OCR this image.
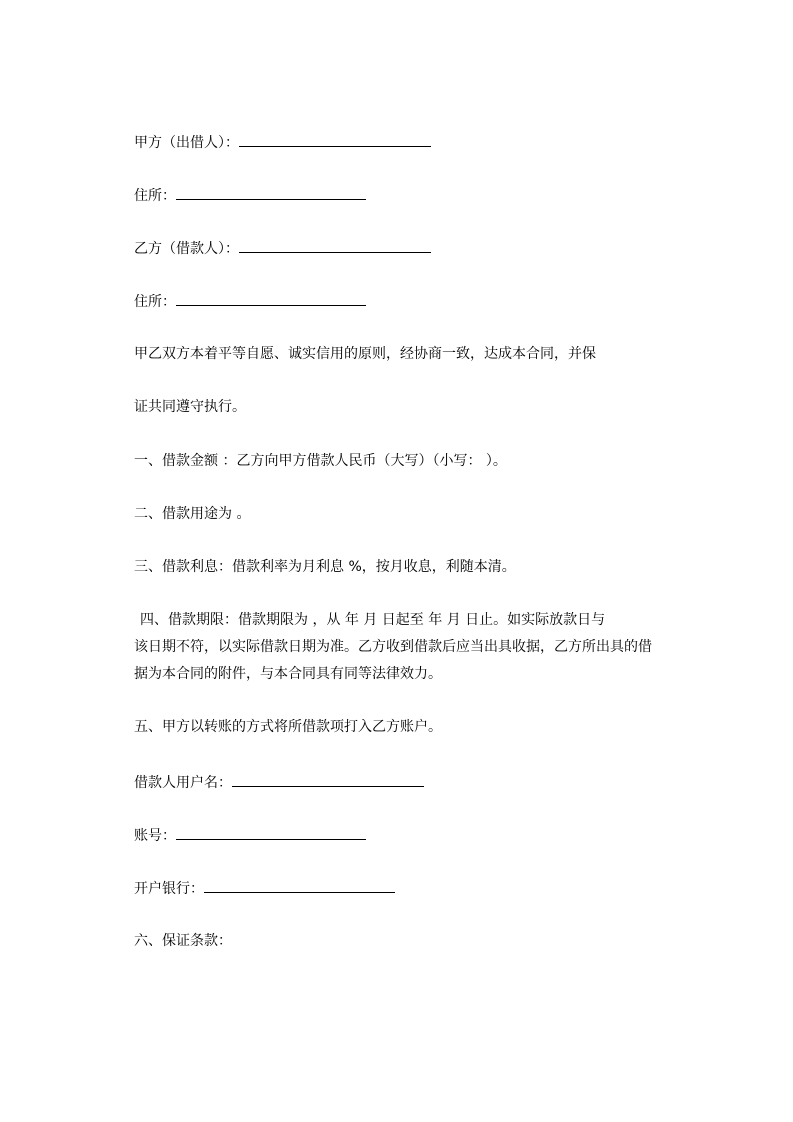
甲方（出借人）：
住所：
乙方（借款人）：
住所：
甲乙双方本着平等自愿、诚实信用的原则，经协商一致，达成本合同，并保
证共同遵守执行。
一、借款金额 ：乙方向甲方借款人民币（大写）（小写： ）。
二、借款用途为 。
三、借款利息：借款利率为月利息 %，按月收息，利随本清。
四、借款期限：借款期限为 ，从 年 月 日起至 年 月 日止。如实际放款日与
该日期不符，以实际借款日期为准。乙方收到借款后应当出具收据，乙方所出具的借
据为本合同的附件，与本合同具有同等法律效力。
五、甲方以转账的方式将所借款项打入乙方账户。
借款人用户名：
账号：
开户银行：
六、保证条款：
